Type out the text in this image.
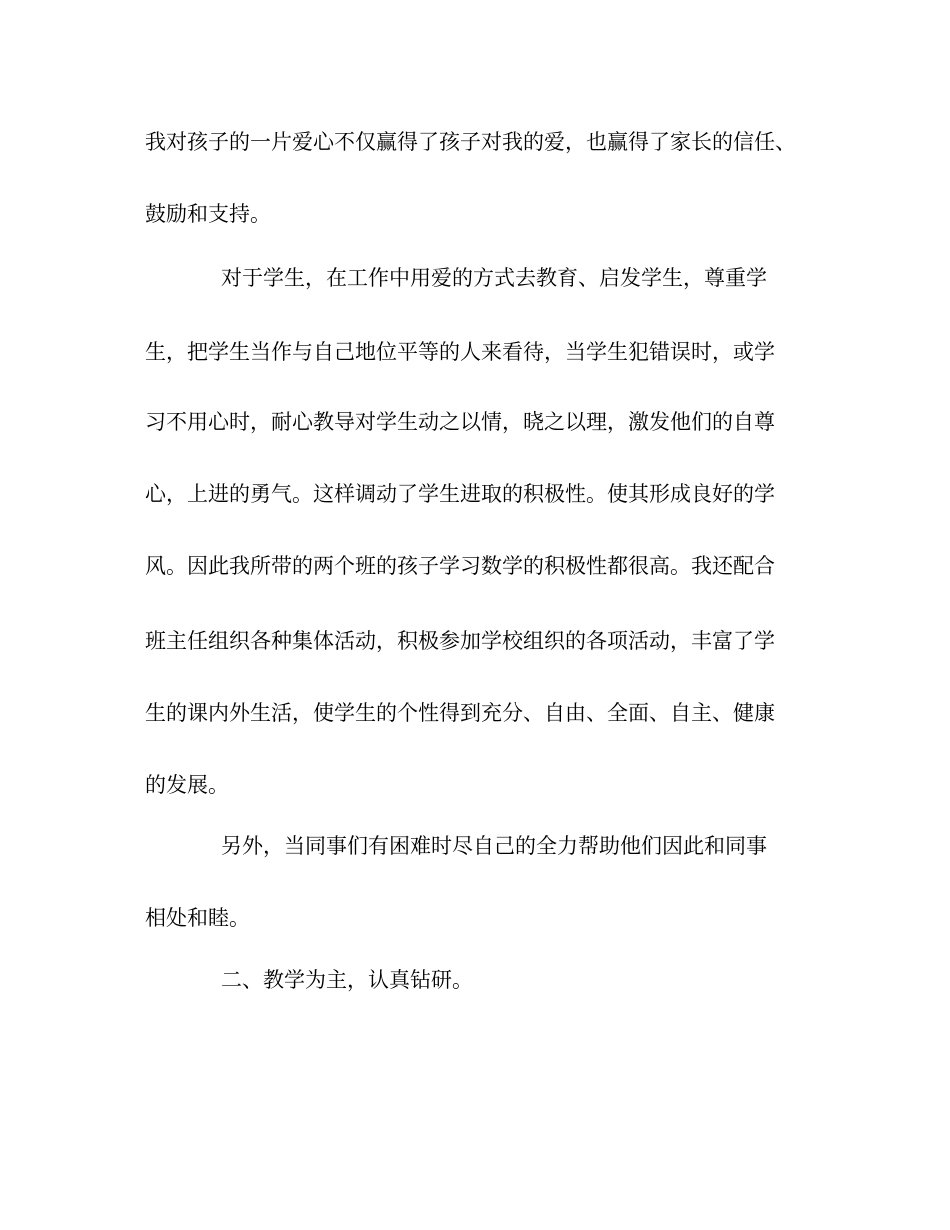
我对孩子的一片爱心不仅赢得了孩子对我的爱，也赢得了家长的信任、
鼓励和支持。
对于学生，在工作中用爱的方式去教育、启发学生，尊重学
生，把学生当作与自己地位平等的人来看待，当学生犯错误时，或学
习不用心时，耐心教导对学生动之以情，晓之以理，激发他们的自尊
心，上进的勇气。这样调动了学生进取的积极性。使其形成良好的学
风。因此我所带的两个班的孩子学习数学的积极性都很高。我还配合
班主任组织各种集体活动，积极参加学校组织的各项活动，丰富了学
生的课内外生活，使学生的个性得到充分、自由、全面、自主、健康
的发展。
另外，当同事们有困难时尽自己的全力帮助他们因此和同事
相处和睦。
二、教学为主，认真钻研。
